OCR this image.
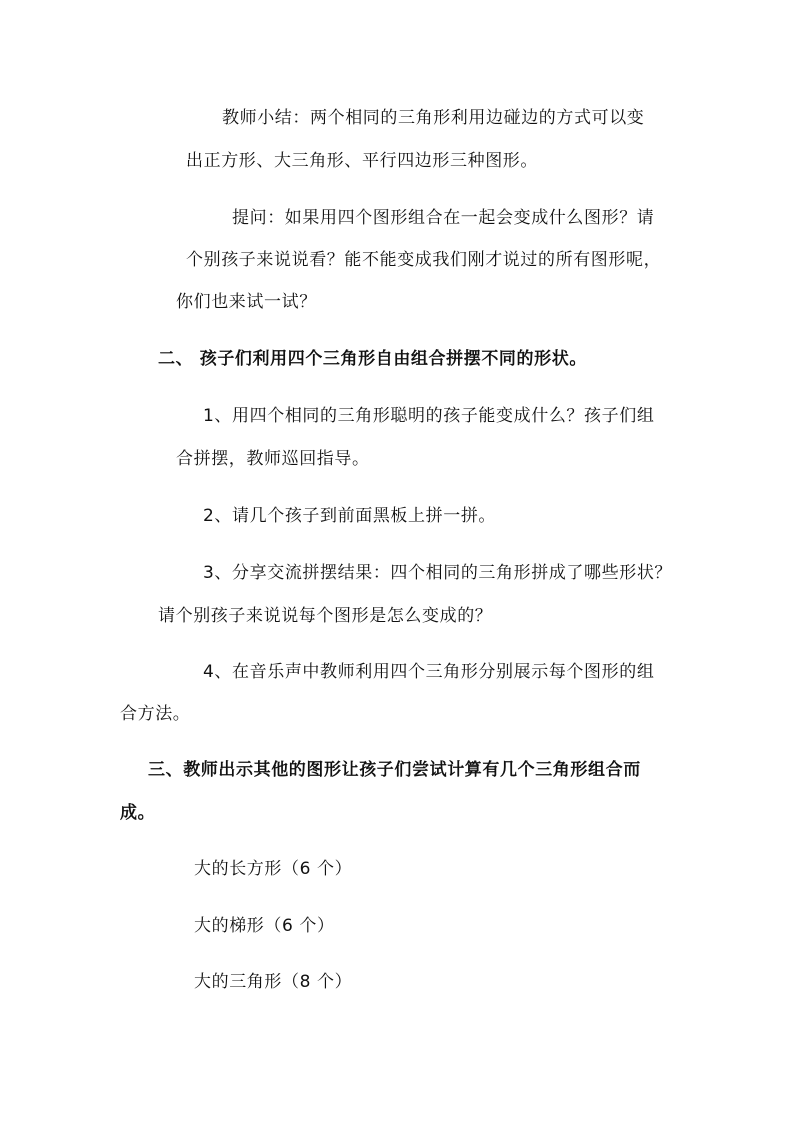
教师小结：两个相同的三角形利用边碰边的方式可以变
出正方形、大三角形、平行四边形三种图形。
提问：如果用四个图形组合在一起会变成什么图形？请
个别孩子来说说看？能不能变成我们刚才说过的所有图形呢，
你们也来试一试？
二、 孩子们利用四个三角形自由组合拼摆不同的形状。
1、用四个相同的三角形聪明的孩子能变成什么？孩子们组
合拼摆，教师巡回指导。
2、请几个孩子到前面黑板上拼一拼。
3、分享交流拼摆结果：四个相同的三角形拼成了哪些形状？
请个别孩子来说说每个图形是怎么变成的？
4、在音乐声中教师利用四个三角形分别展示每个图形的组
合方法。
三、教师出示其他的图形让孩子们尝试计算有几个三角形组合而
成。
大的长方形（6 个）
大的梯形（6 个）
大的三角形（8 个）
